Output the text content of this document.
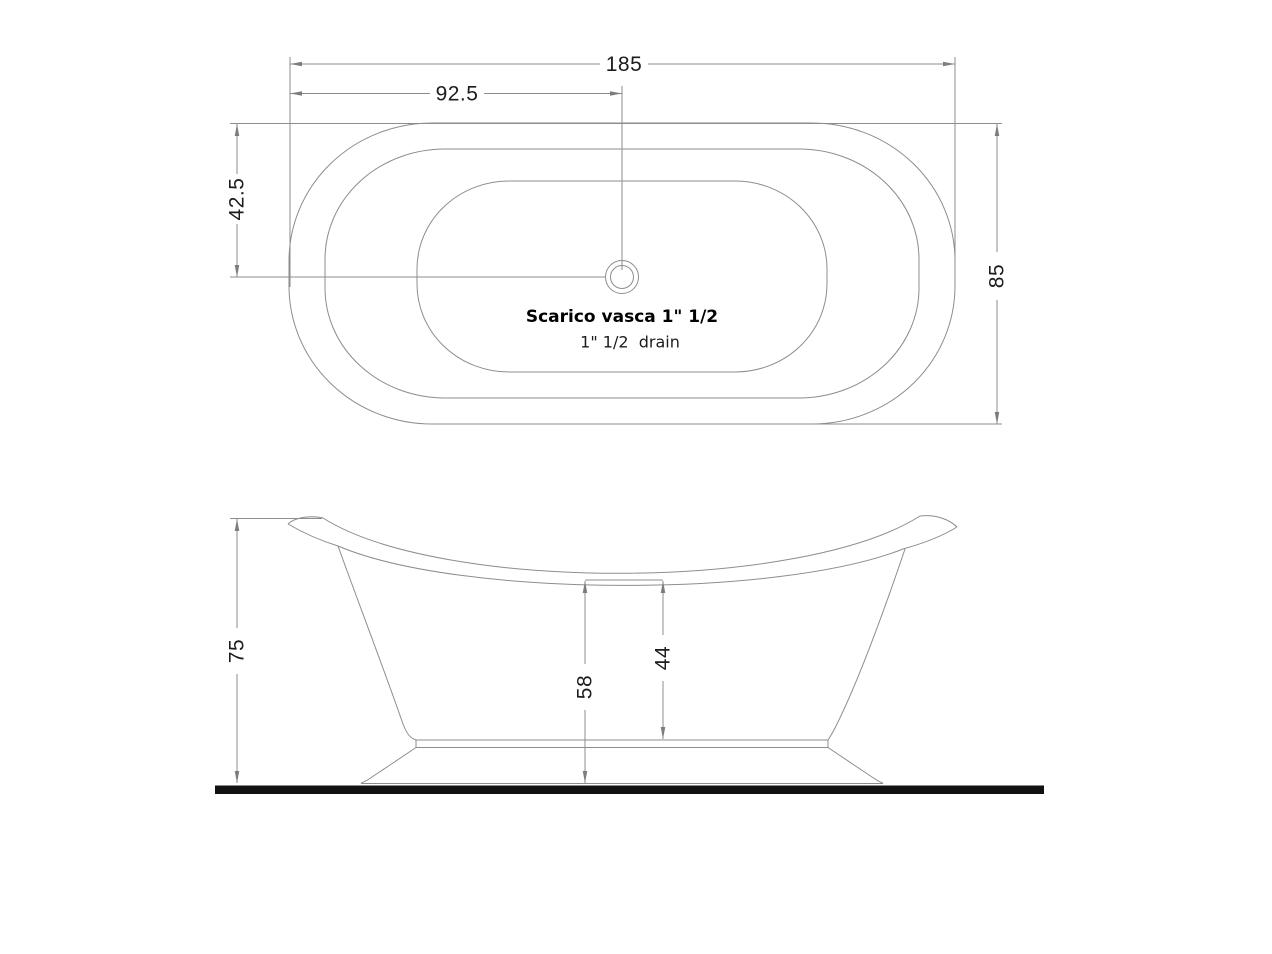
185
92.5
42.5
85
Scarico vasca 1" 1/2
1" 1/2  drain
75
58
44
